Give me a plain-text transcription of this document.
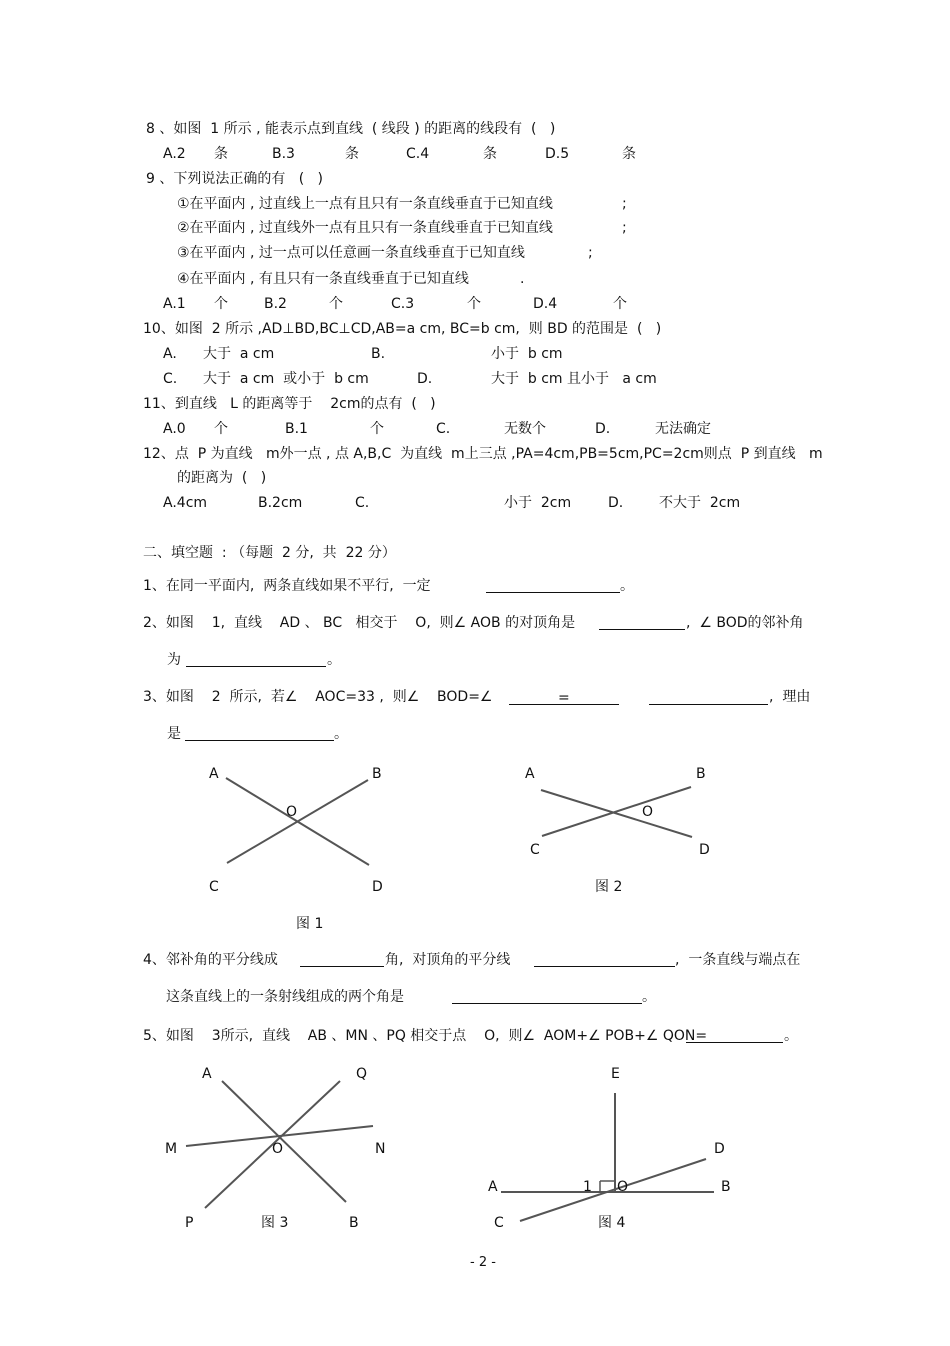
8 、如图  1 所示 , 能表示点到直线  ( 线段 ) 的距离的线段有  (   )
A.2 条	B.3	条	C.4	条	D.5	条
9 、下列说法正确的有   (   )
①在平面内 , 过直线上一点有且只有一条直线垂直于已知直线	;
②在平面内 , 过直线外一点有且只有一条直线垂直于已知直线	;
③在平面内 , 过一点可以任意画一条直线垂直于已知直线	;
④在平面内 , 有且只有一条直线垂直于已知直线	.
A.1 个	B.2	个	C.3	个	D.4	个
10、如图  2 所示 ,AD⊥BD,BC⊥CD,AB=a cm, BC=b cm,  则 BD 的范围是  (   )
A. 大于  a cm	B.	小于  b cm
C. 大于  a cm  或小于  b cm	D.	大于  b cm 且小于   a cm
11、到直线   L 的距离等于    2cm的点有  (   )
A.0 个	B.1	个	C.	无数个	D.	无法确定
12、点  P 为直线   m外一点 , 点 A,B,C  为直线  m上三点 ,PA=4cm,PB=5cm,PC=2cm则点  P 到直线   m
的距离为  (   )
A.4cm	B.2cm	C.	小于  2cm	D.	不大于  2cm
二、填空题  : （每题  2 分,  共  22 分）
1、在同一平面内,  两条直线如果不平行,  一定	。
2、如图    1,  直线    AD 、 BC   相交于    O,  则∠ AOB 的对顶角是	,  ∠ BOD的邻补角
为	。
3、如图    2  所示,  若∠    AOC=33 ,  则∠    BOD=∠	=	,  理由
是	。
4、邻补角的平分线成	角,  对顶角的平分线	,  一条直线与端点在
这条直线上的一条射线组成的两个角是	。
5、如图    3所示,  直线    AB 、MN 、PQ 相交于点    O,  则∠  AOM+∠ POB+∠ QON=	。
A	B
O
C	D
图 1
A	B
O
C	D
图 2
A	Q
M	O	N
P	图 3	B
E
D
A	1 O	B
C	图 4
- 2 -
